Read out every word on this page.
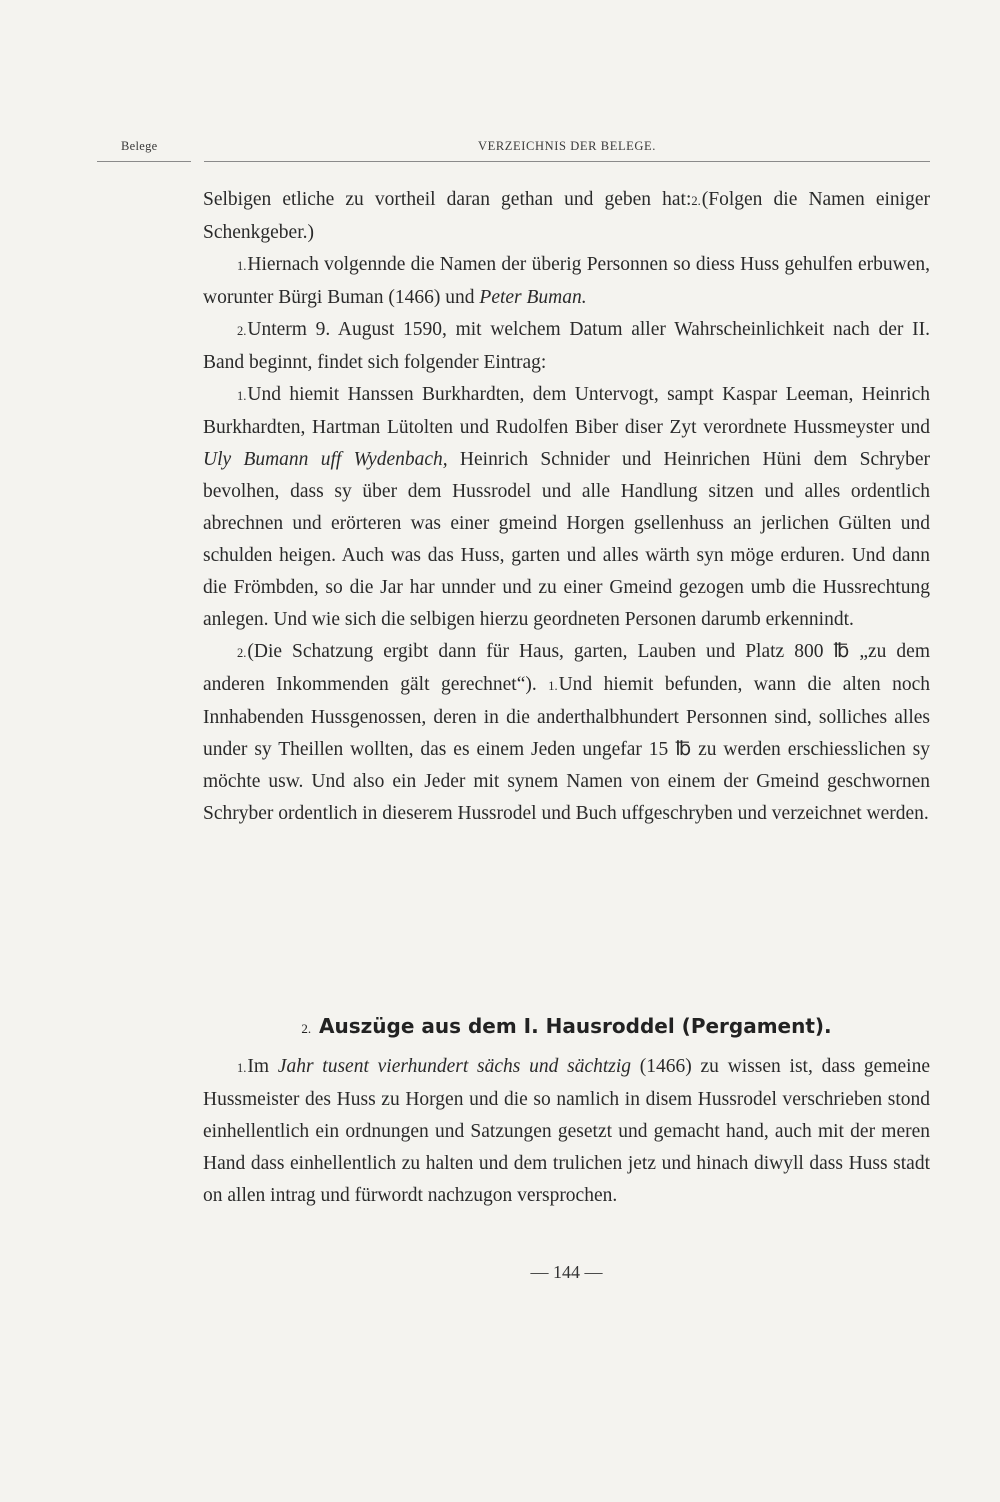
Belege	VERZEICHNIS DER BELEGE.

Selbigen etliche zu vortheil daran gethan und geben hat:2.(Folgen die Namen einiger Schenkgeber.)

1.Hiernach volgennde die Namen der überig Personnen so diess Huss gehulfen erbuwen, worunter Bürgi Buman (1466) und Peter Buman.

2.Unterm 9. August 1590, mit welchem Datum aller Wahrscheinlichkeit nach der II. Band beginnt, findet sich folgender Eintrag:

1.Und hiemit Hanssen Burkhardten, dem Untervogt, sampt Kaspar Leeman, Heinrich Burkhardten, Hartman Lütolten und Rudolfen Biber diser Zyt verordnete Hussmeyster und Uly Bumann uff Wydenbach, Heinrich Schnider und Heinrichen Hüni dem Schryber bevolhen, dass sy über dem Hussrodel und alle Handlung sitzen und alles ordentlich abrechnen und erörteren was einer gmeind Horgen gsellenhuss an jerlichen Gülten und schulden heigen. Auch was das Huss, garten und alles wärth syn möge erduren. Und dann die Frömbden, so die Jar har unnder und zu einer Gmeind gezogen umb die Hussrechtung anlegen. Und wie sich die selbigen hierzu geordneten Personen darumb erkennindt.

2.(Die Schatzung ergibt dann für Haus, garten, Lauben und Platz 800 ℔ „zu dem anderen Inkommenden gält gerechnet“). 1.Und hiemit befunden, wann die alten noch Innhabenden Hussgenossen, deren in die anderthalbhundert Personnen sind, solliches alles under sy Theillen wollten, das es einem Jeden ungefar 15 ℔ zu werden erschiesslichen sy möchte usw. Und also ein Jeder mit synem Namen von einem der Gmeind geschwornen Schryber ordentlich in dieserem Hussrodel und Buch uffgeschryben und verzeichnet werden.

2. Auszüge aus dem I. Hausroddel (Pergament).

1.Im Jahr tusent vierhundert sächs und sächtzig (1466) zu wissen ist, dass gemeine Hussmeister des Huss zu Horgen und die so namlich in disem Hussrodel verschrieben stond einhellentlich ein ordnungen und Satzungen gesetzt und gemacht hand, auch mit der meren Hand dass einhellentlich zu halten und dem trulichen jetz und hinach diwyll dass Huss stadt on allen intrag und fürwordt nachzugon versprochen.

— 144 —
